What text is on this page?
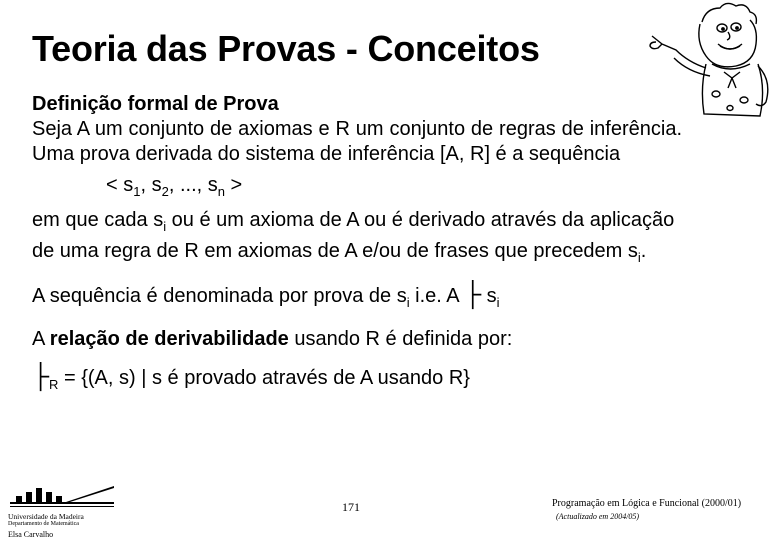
Teoria das Provas - Conceitos
Definição formal de Prova
Seja A um conjunto de axiomas e R um conjunto de regras de inferência. Uma prova derivada do sistema de inferência [A, R] é a sequência
< $s_1$, $s_2$, ..., $s_n$ >
em que cada $s_i$ ou é um axioma de A ou é derivado através da aplicação de uma regra de R em axiomas de A e/ou de frases que precedem $s_i$.
A sequência é denominada por prova de $s_i$ i.e. A ├ $s_i$
A relação de derivabilidade usando R é definida por:
$├_R = \{(A$, s) | s é provado através de A usando R}
Universidade da Madeira
Departamento de Matemática
Elsa Carvalho
171	Programação em Lógica e Funcional (2000/01)
(Actualizado em 2004/05)
